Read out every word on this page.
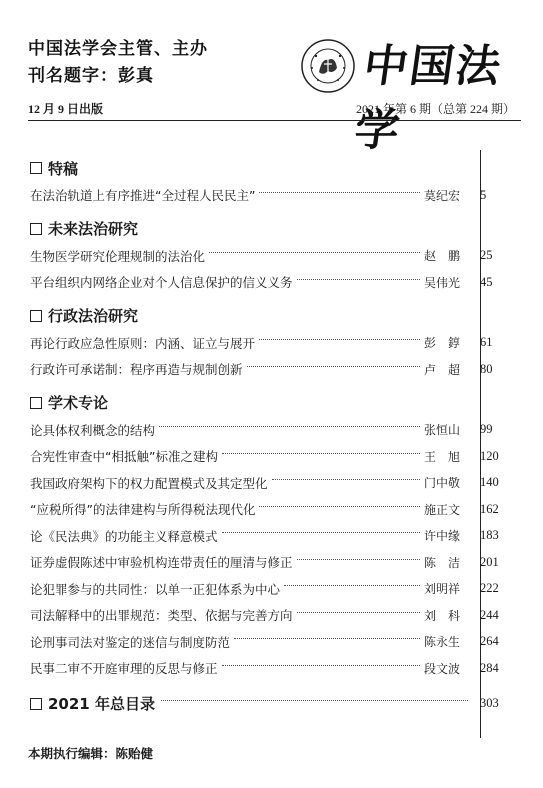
中国法学会主管、主办
刊名题字：彭真	中国法学
12 月 9 日出版	2021 年第 6 期（总第 224 期）
特稿
在法治轨道上有序推进“全过程人民民主”	莫纪宏	5
未来法治研究
生物医学研究伦理规制的法治化	赵　鹏	25
平台组织内网络企业对个人信息保护的信义义务	吴伟光	45
行政法治研究
再论行政应急性原则：内涵、证立与展开	彭　錞	61
行政许可承诺制：程序再造与规制创新	卢　超	80
学术专论
论具体权利概念的结构	张恒山	99
合宪性审查中“相抵触”标准之建构	王　旭	120
我国政府架构下的权力配置模式及其定型化	门中敬	140
“应税所得”的法律建构与所得税法现代化	施正文	162
论《民法典》的功能主义释意模式	许中缘	183
证券虚假陈述中审验机构连带责任的厘清与修正	陈　洁	201
论犯罪参与的共同性：以单一正犯体系为中心	刘明祥	222
司法解释中的出罪规范：类型、依据与完善方向	刘　科	244
论刑事司法对鉴定的迷信与制度防范	陈永生	264
民事二审不开庭审理的反思与修正	段文波	284
2021 年总目录	303
本期执行编辑：陈贻健
